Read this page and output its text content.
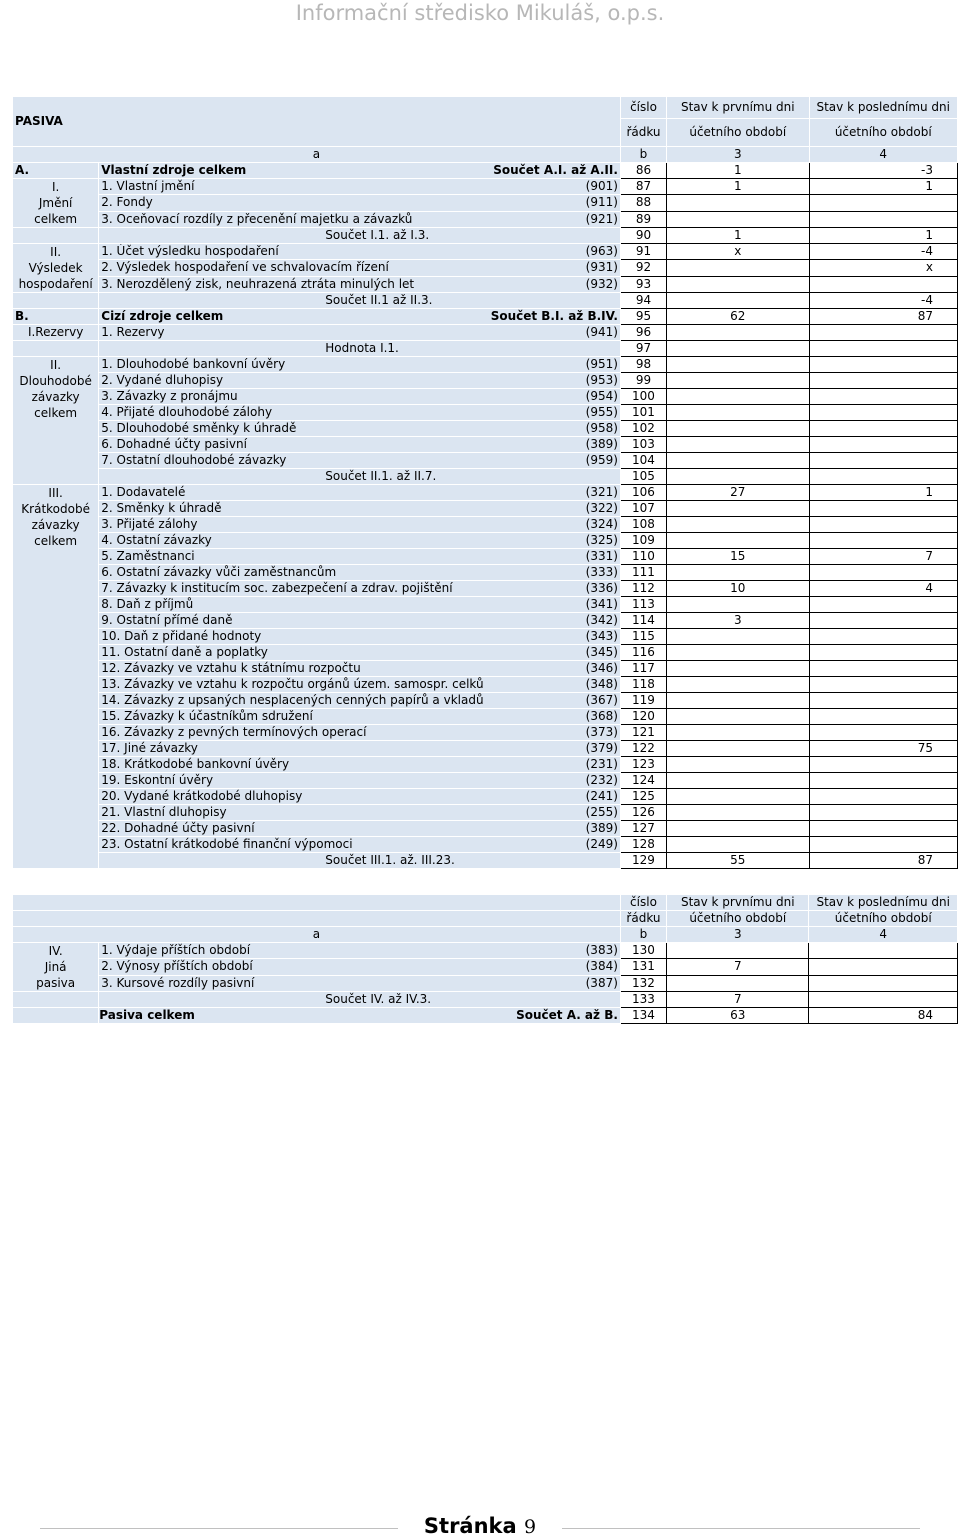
Informační středisko Mikuláš, o.p.s.
PASIVA		číslo	Stav k prvnímu dni	Stav k poslednímu dni
		řádku	účetního období	účetního období
a		b	3	4
A.	Vlastní zdroje celkem Součet A.I. až A.II.	86	1	-3
I.
Jmění
celkem	1. Vlastní jmění (901)	87	1	1
	2. Fondy (911)	88		
	3. Oceňovací rozdíly z přecenění majetku a závazků (921)	89		
	Součet I.1. až I.3.	90	1	1
II.
Výsledek
hospodaření	1. Účet výsledku hospodaření (963)	91	x	-4
	2. Výsledek hospodaření ve schvalovacím řízení (931)	92		x
	3. Nerozdělený zisk, neuhrazená ztráta minulých let (932)	93		
	Součet II.1 až II.3.	94		-4
B.	Cizí zdroje celkem Součet B.I. až B.IV.	95	62	87
I.Rezervy	1. Rezervy (941)	96		
	Hodnota I.1.	97		
II.
Dlouhodobé
závazky
celkem	1. Dlouhodobé bankovní úvěry (951)	98		
	2. Vydané dluhopisy (953)	99		
	3. Závazky z pronájmu (954)	100		
	4. Přijaté dlouhodobé zálohy (955)	101		
	5. Dlouhodobé směnky k úhradě (958)	102		
	6. Dohadné účty pasivní (389)	103		
	7. Ostatní dlouhodobé závazky (959)	104		
	Součet II.1. až II.7.	105		
III.
Krátkodobé
závazky
celkem	1. Dodavatelé (321)	106	27	1
	2. Směnky k úhradě (322)	107		
	3. Přijaté zálohy (324)	108		
	4. Ostatní závazky (325)	109		
	5. Zaměstnanci (331)	110	15	7
	6. Ostatní závazky vůči zaměstnancům (333)	111		
	7. Závazky k institucím soc. zabezpečení a zdrav. pojištění (336)	112	10	4
	8. Daň z příjmů (341)	113		
	9. Ostatní přímé daně (342)	114	3	
	10. Daň z přidané hodnoty (343)	115		
	11. Ostatní daně a poplatky (345)	116		
	12. Závazky ve vztahu k státnímu rozpočtu (346)	117		
	13. Závazky ve vztahu k rozpočtu orgánů územ. samospr. celků (348)	118		
	14. Závazky z upsaných nesplacených cenných papírů a vkladů (367)	119		
	15. Závazky k účastníkům sdružení (368)	120		
	16. Závazky z pevných termínových operací (373)	121		
	17. Jiné závazky (379)	122		75
	18. Krátkodobé bankovní úvěry (231)	123		
	19. Eskontní úvěry (232)	124		
	20. Vydané krátkodobé dluhopisy (241)	125		
	21. Vlastní dluhopisy (255)	126		
	22. Dohadné účty pasivní (389)	127		
	23. Ostatní krátkodobé finanční výpomoci (249)	128		
	Součet III.1. až. III.23.	129	55	87
		číslo	Stav k prvnímu dni	Stav k poslednímu dni
		řádku	účetního období	účetního období
a		b	3	4
IV.
Jiná
pasiva	1. Výdaje příštích období (383)	130		
	2. Výnosy příštích období (384)	131	7	
	3. Kursové rozdíly pasivní (387)	132		
	Součet IV. až IV.3.	133	7	
	Pasiva celkem Součet A. až B.	134	63	84
Stránka 9
